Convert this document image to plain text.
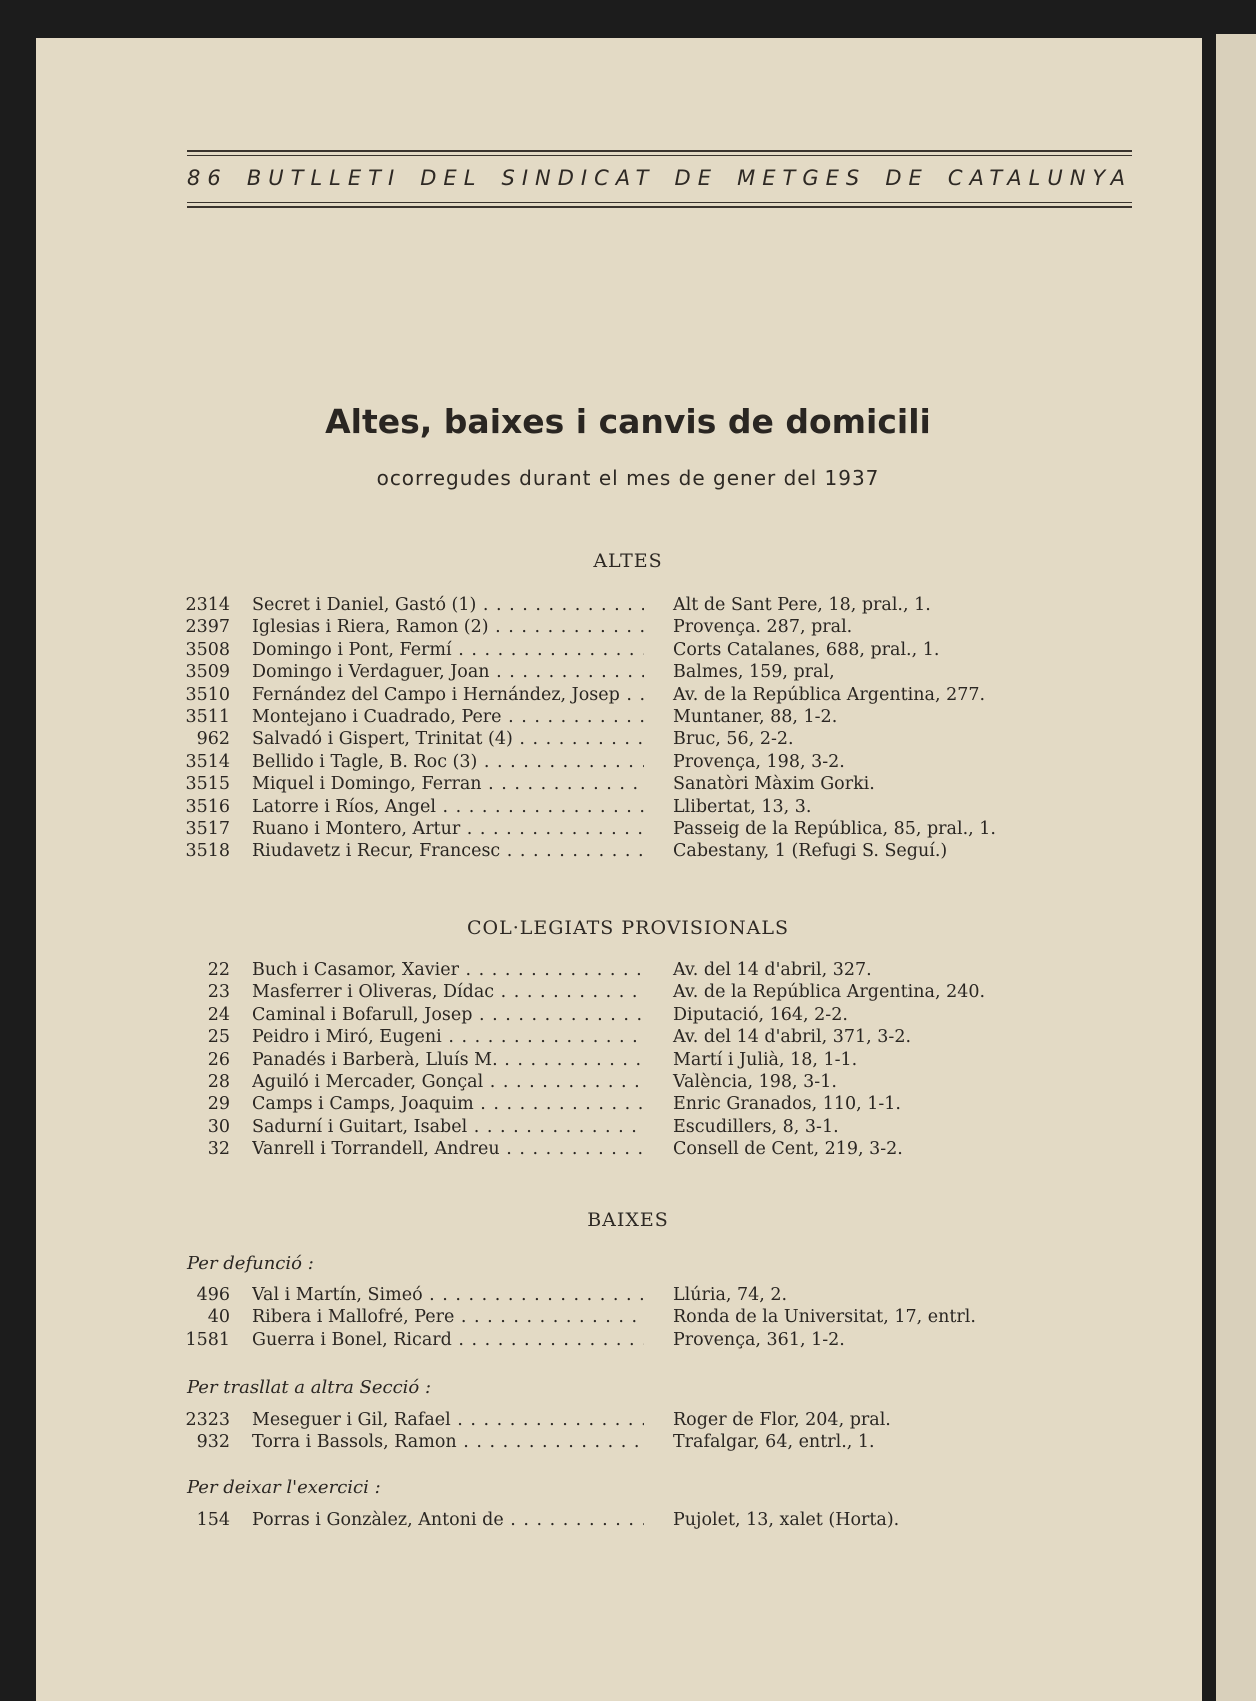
86 BUTLLETI DEL SINDICAT DE METGES DE CATALUNYA
Altes, baixes i canvis de domicili
ocorregudes durant el mes de gener del 1937
ALTES
COL·LEGIATS PROVISIONALS
BAIXES
Per defunció :
Per trasllat a altra Secció :
Per deixar l'exercici :
2314 Secret i Daniel, Gastó (1) . . .	Alt de Sant Pere, 18, pral., 1.
2397 Iglesias i Riera, Ramon (2) . . .	Provença. 287, pral.
3508 Domingo i Pont, Fermí . . .	Corts Catalanes, 688, pral., 1.
3509 Domingo i Verdaguer, Joan . . .	Balmes, 159, pral,
3510 Fernández del Campo i Hernández, Josep . . .	Av. de la República Argentina, 277.
3511 Montejano i Cuadrado, Pere . . .	Muntaner, 88, 1-2.
962 Salvadó i Gispert, Trinitat (4) . . .	Bruc, 56, 2-2.
3514 Bellido i Tagle, B. Roc (3) . . .	Provença, 198, 3-2.
3515 Miquel i Domingo, Ferran . . .	Sanatòri Màxim Gorki.
3516 Latorre i Ríos, Angel . . .	Llibertat, 13, 3.
3517 Ruano i Montero, Artur . . .	Passeig de la República, 85, pral., 1.
3518 Riudavetz i Recur, Francesc . . .	Cabestany, 1 (Refugi S. Seguí.)
22 Buch i Casamor, Xavier . . .	Av. del 14 d'abril, 327.
23 Masferrer i Oliveras, Dídac . . .	Av. de la República Argentina, 240.
24 Caminal i Bofarull, Josep . . .	Diputació, 164, 2-2.
25 Peidro i Miró, Eugeni . . .	Av. del 14 d'abril, 371, 3-2.
26 Panadés i Barberà, Lluís M. . . .	Martí i Julià, 18, 1-1.
28 Aguiló i Mercader, Gonçal . . .	València, 198, 3-1.
29 Camps i Camps, Joaquim . . .	Enric Granados, 110, 1-1.
30 Sadurní i Guitart, Isabel . . .	Escudillers, 8, 3-1.
32 Vanrell i Torrandell, Andreu . . .	Consell de Cent, 219, 3-2.
496 Val i Martín, Simeó . . .	Llúria, 74, 2.
40 Ribera i Mallofré, Pere . . .	Ronda de la Universitat, 17, entrl.
1581 Guerra i Bonel, Ricard . . .	Provença, 361, 1-2.
2323 Meseguer i Gil, Rafael . . .	Roger de Flor, 204, pral.
932 Torra i Bassols, Ramon . . .	Trafalgar, 64, entrl., 1.
154 Porras i Gonzàlez, Antoni de . . .	Pujolet, 13, xalet (Horta).
